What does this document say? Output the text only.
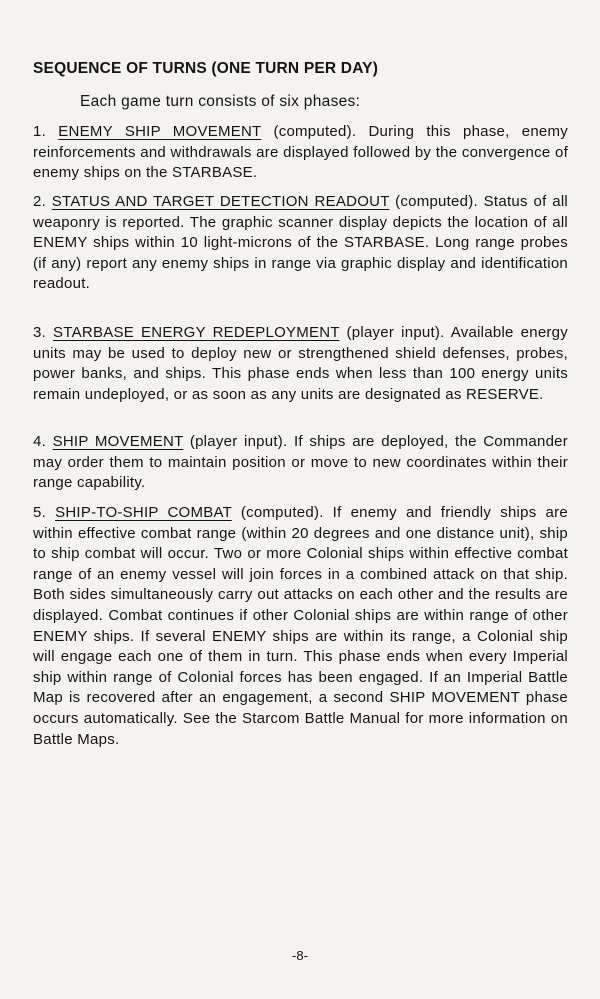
SEQUENCE OF TURNS (ONE TURN PER DAY)
Each game turn consists of six phases:
1. ENEMY SHIP MOVEMENT (computed). During this phase, enemy reinforcements and withdrawals are displayed followed by the convergence of enemy ships on the STARBASE.
2. STATUS AND TARGET DETECTION READOUT (computed). Status of all weaponry is reported. The graphic scanner display depicts the location of all ENEMY ships within 10 light-microns of the STARBASE. Long range probes (if any) report any enemy ships in range via graphic display and identification readout.
3. STARBASE ENERGY REDEPLOYMENT (player input). Available energy units may be used to deploy new or strengthened shield defenses, probes, power banks, and ships. This phase ends when less than 100 energy units remain undeployed, or as soon as any units are designated as RESERVE.
4. SHIP MOVEMENT (player input). If ships are deployed, the Commander may order them to maintain position or move to new coordinates within their range capability.
5. SHIP-TO-SHIP COMBAT (computed). If enemy and friendly ships are within effective combat range (within 20 degrees and one distance unit), ship to ship combat will occur. Two or more Colonial ships within effective combat range of an enemy vessel will join forces in a combined attack on that ship. Both sides simultaneously carry out attacks on each other and the results are displayed. Combat continues if other Colonial ships are within range of other ENEMY ships. If several ENEMY ships are within its range, a Colonial ship will engage each one of them in turn. This phase ends when every Imperial ship within range of Colonial forces has been engaged. If an Imperial Battle Map is recovered after an engagement, a second SHIP MOVEMENT phase occurs automatically. See the Starcom Battle Manual for more information on Battle Maps.
-8-
